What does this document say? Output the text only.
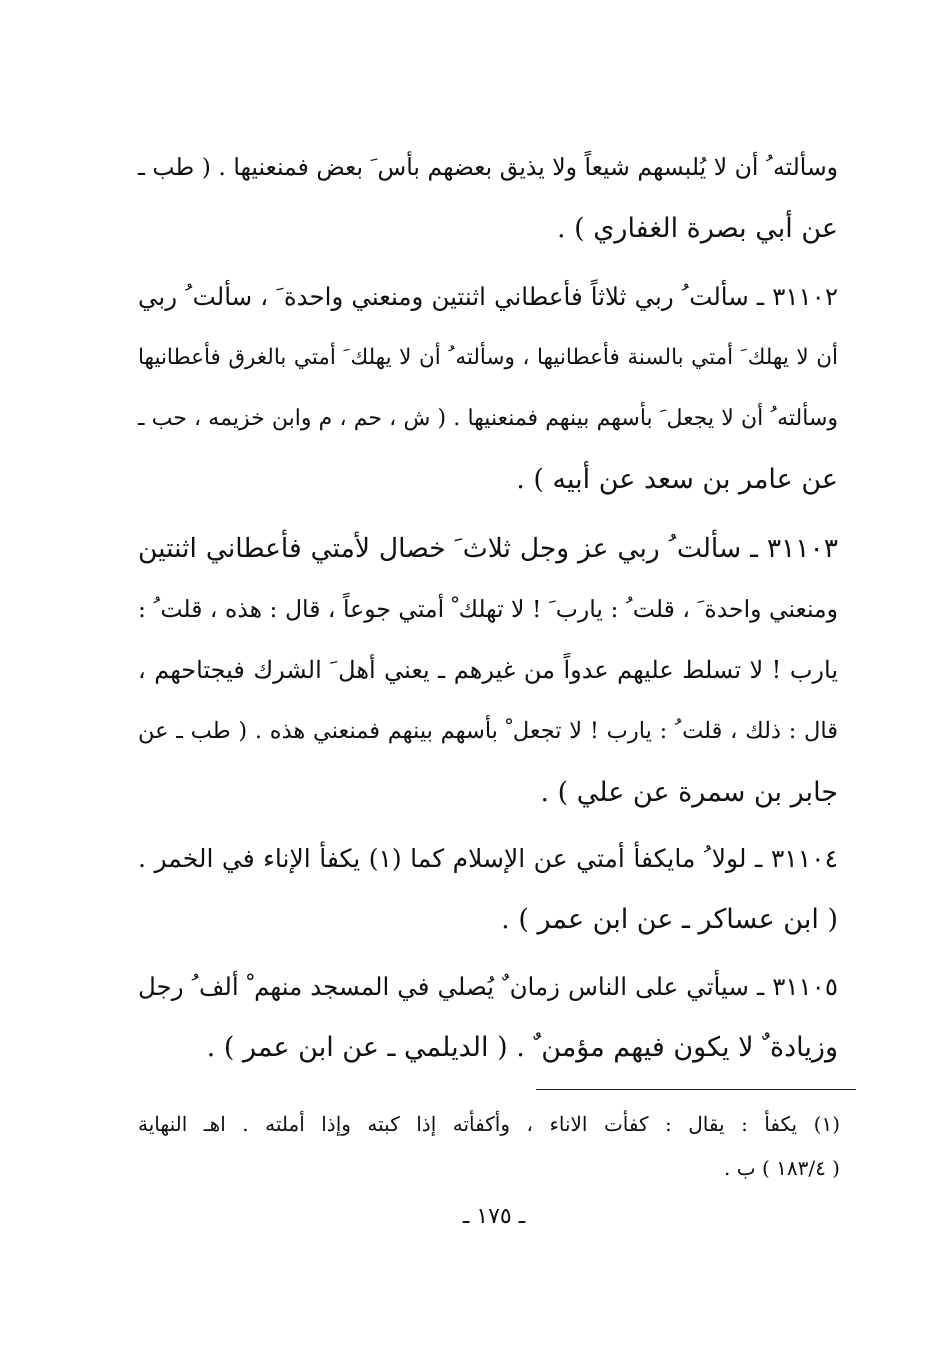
وسألته ُ أن لا يُلبسهم شيعاً ولا يذيق بعضهم بأس َ بعض فمنعنيها . ( طب ـ
عن أبي بصرة الغفاري ) .
٣١١٠٢ ـ سألت ُ ربي ثلاثاً فأعطاني اثنتين ومنعني واحدة َ ، سألت ُ ربي
أن لا يهلك َ أمتي بالسنة فأعطانيها ، وسألته ُ أن لا يهلك َ أمتي بالغرق فأعطانيها
وسألته ُ أن لا يجعل َ بأسهم بينهم فمنعنيها . ( ش ، حم ، م وابن خزيمه ، حب ـ
عن عامر بن سعد عن أبيه ) .
٣١١٠٣ ـ سألت ُ ربي عز وجل ثلاث َ خصال لأمتي فأعطاني اثنتين
ومنعني واحدة َ ، قلت ُ : يارب َ ! لا تهلك ْ أمتي جوعاً ، قال : هذه ، قلت ُ :
يارب ! لا تسلط عليهم عدواً من غيرهم ـ يعني أهل َ الشرك فيجتاحهم ،
قال : ذلك ، قلت ُ : يارب ! لا تجعل ْ بأسهم بينهم فمنعني هذه . ( طب ـ عن
جابر بن سمرة عن علي ) .
٣١١٠٤ ـ لولا ُ مايكفأ أمتي عن الإسلام كما (١) يكفأ الإناء في الخمر .
( ابن عساكر ـ عن ابن عمر ) .
٣١١٠٥ ـ سيأتي على الناس زمان ٌ يُصلي في المسجد منهم ْ ألف ُ رجل
وزيادة ٌ لا يكون فيهم مؤمن ٌ . ( الديلمي ـ عن ابن عمر ) .
(١) يكفأ : يقال : كفأت الاناء ، وأكفأته إذا كبته وإذا أملته . اهـ النهاية
( ١٨٣/٤ ) ب .
ـ ١٧٥ ـ
